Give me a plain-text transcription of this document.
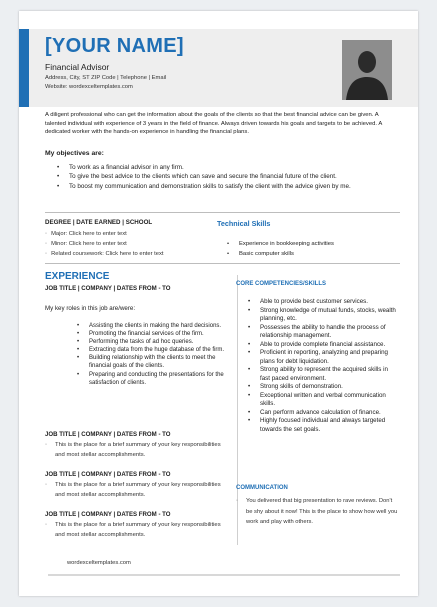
[YOUR NAME]
Financial Advisor
Address, City, ST ZIP Code | Telephone | Email
Website: wordexceltemplates.com
A diligent professional who can get the information about the goals of the clients so that the best financial advice can be given. A talented individual with experience of 3 years in the field of finance. Always driven towards his goals and targets to be achieved. A dedicated worker with the hands-on experience in handling the financial plans.
My objectives are:
• To work as a financial advisor in any firm.
• To give the best advice to the clients which can save and secure the financial future of the client.
• To boost my communication and demonstration skills to satisfy the client with the advice given by me.
DEGREE | DATE EARNED | SCHOOL
◦ Major: Click here to enter text
◦ Minor: Click here to enter text
◦ Related coursework: Click here to enter text
Technical Skills
• Experience in bookkeeping activities
• Basic computer skills
EXPERIENCE
JOB TITLE | COMPANY | DATES FROM - TO
My key roles in this job are/were:
• Assisting the clients in making the hard decisions.
• Promoting the financial services of the firm.
• Performing the tasks of ad hoc queries.
• Extracting data from the huge database of the firm.
• Building relationship with the clients to meet the financial goals of the clients.
• Preparing and conducting the presentations for the satisfaction of clients.
JOB TITLE | COMPANY | DATES FROM - TO
◦ This is the place for a brief summary of your key responsibilities and most stellar accomplishments.
JOB TITLE | COMPANY | DATES FROM - TO
◦ This is the place for a brief summary of your key responsibilities and most stellar accomplishments.
JOB TITLE | COMPANY | DATES FROM - TO
◦ This is the place for a brief summary of your key responsibilities and most stellar accomplishments.
CORE COMPETENCIES/SKILLS
• Able to provide best customer services.
• Strong knowledge of mutual funds, stocks, wealth planning, etc.
• Possesses the ability to handle the process of relationship management.
• Able to provide complete financial assistance.
• Proficient in reporting, analyzing and preparing plans for debt liquidation.
• Strong ability to represent the acquired skills in fast paced environment.
• Strong skills of demonstration.
• Exceptional written and verbal communication skills.
• Can perform advance calculation of finance.
• Highly focused individual and always targeted towards the set goals.
COMMUNICATION
◦ You delivered that big presentation to rave reviews. Don't be shy about it now! This is the place to show how well you work and play with others.
wordexceltemplates.com
